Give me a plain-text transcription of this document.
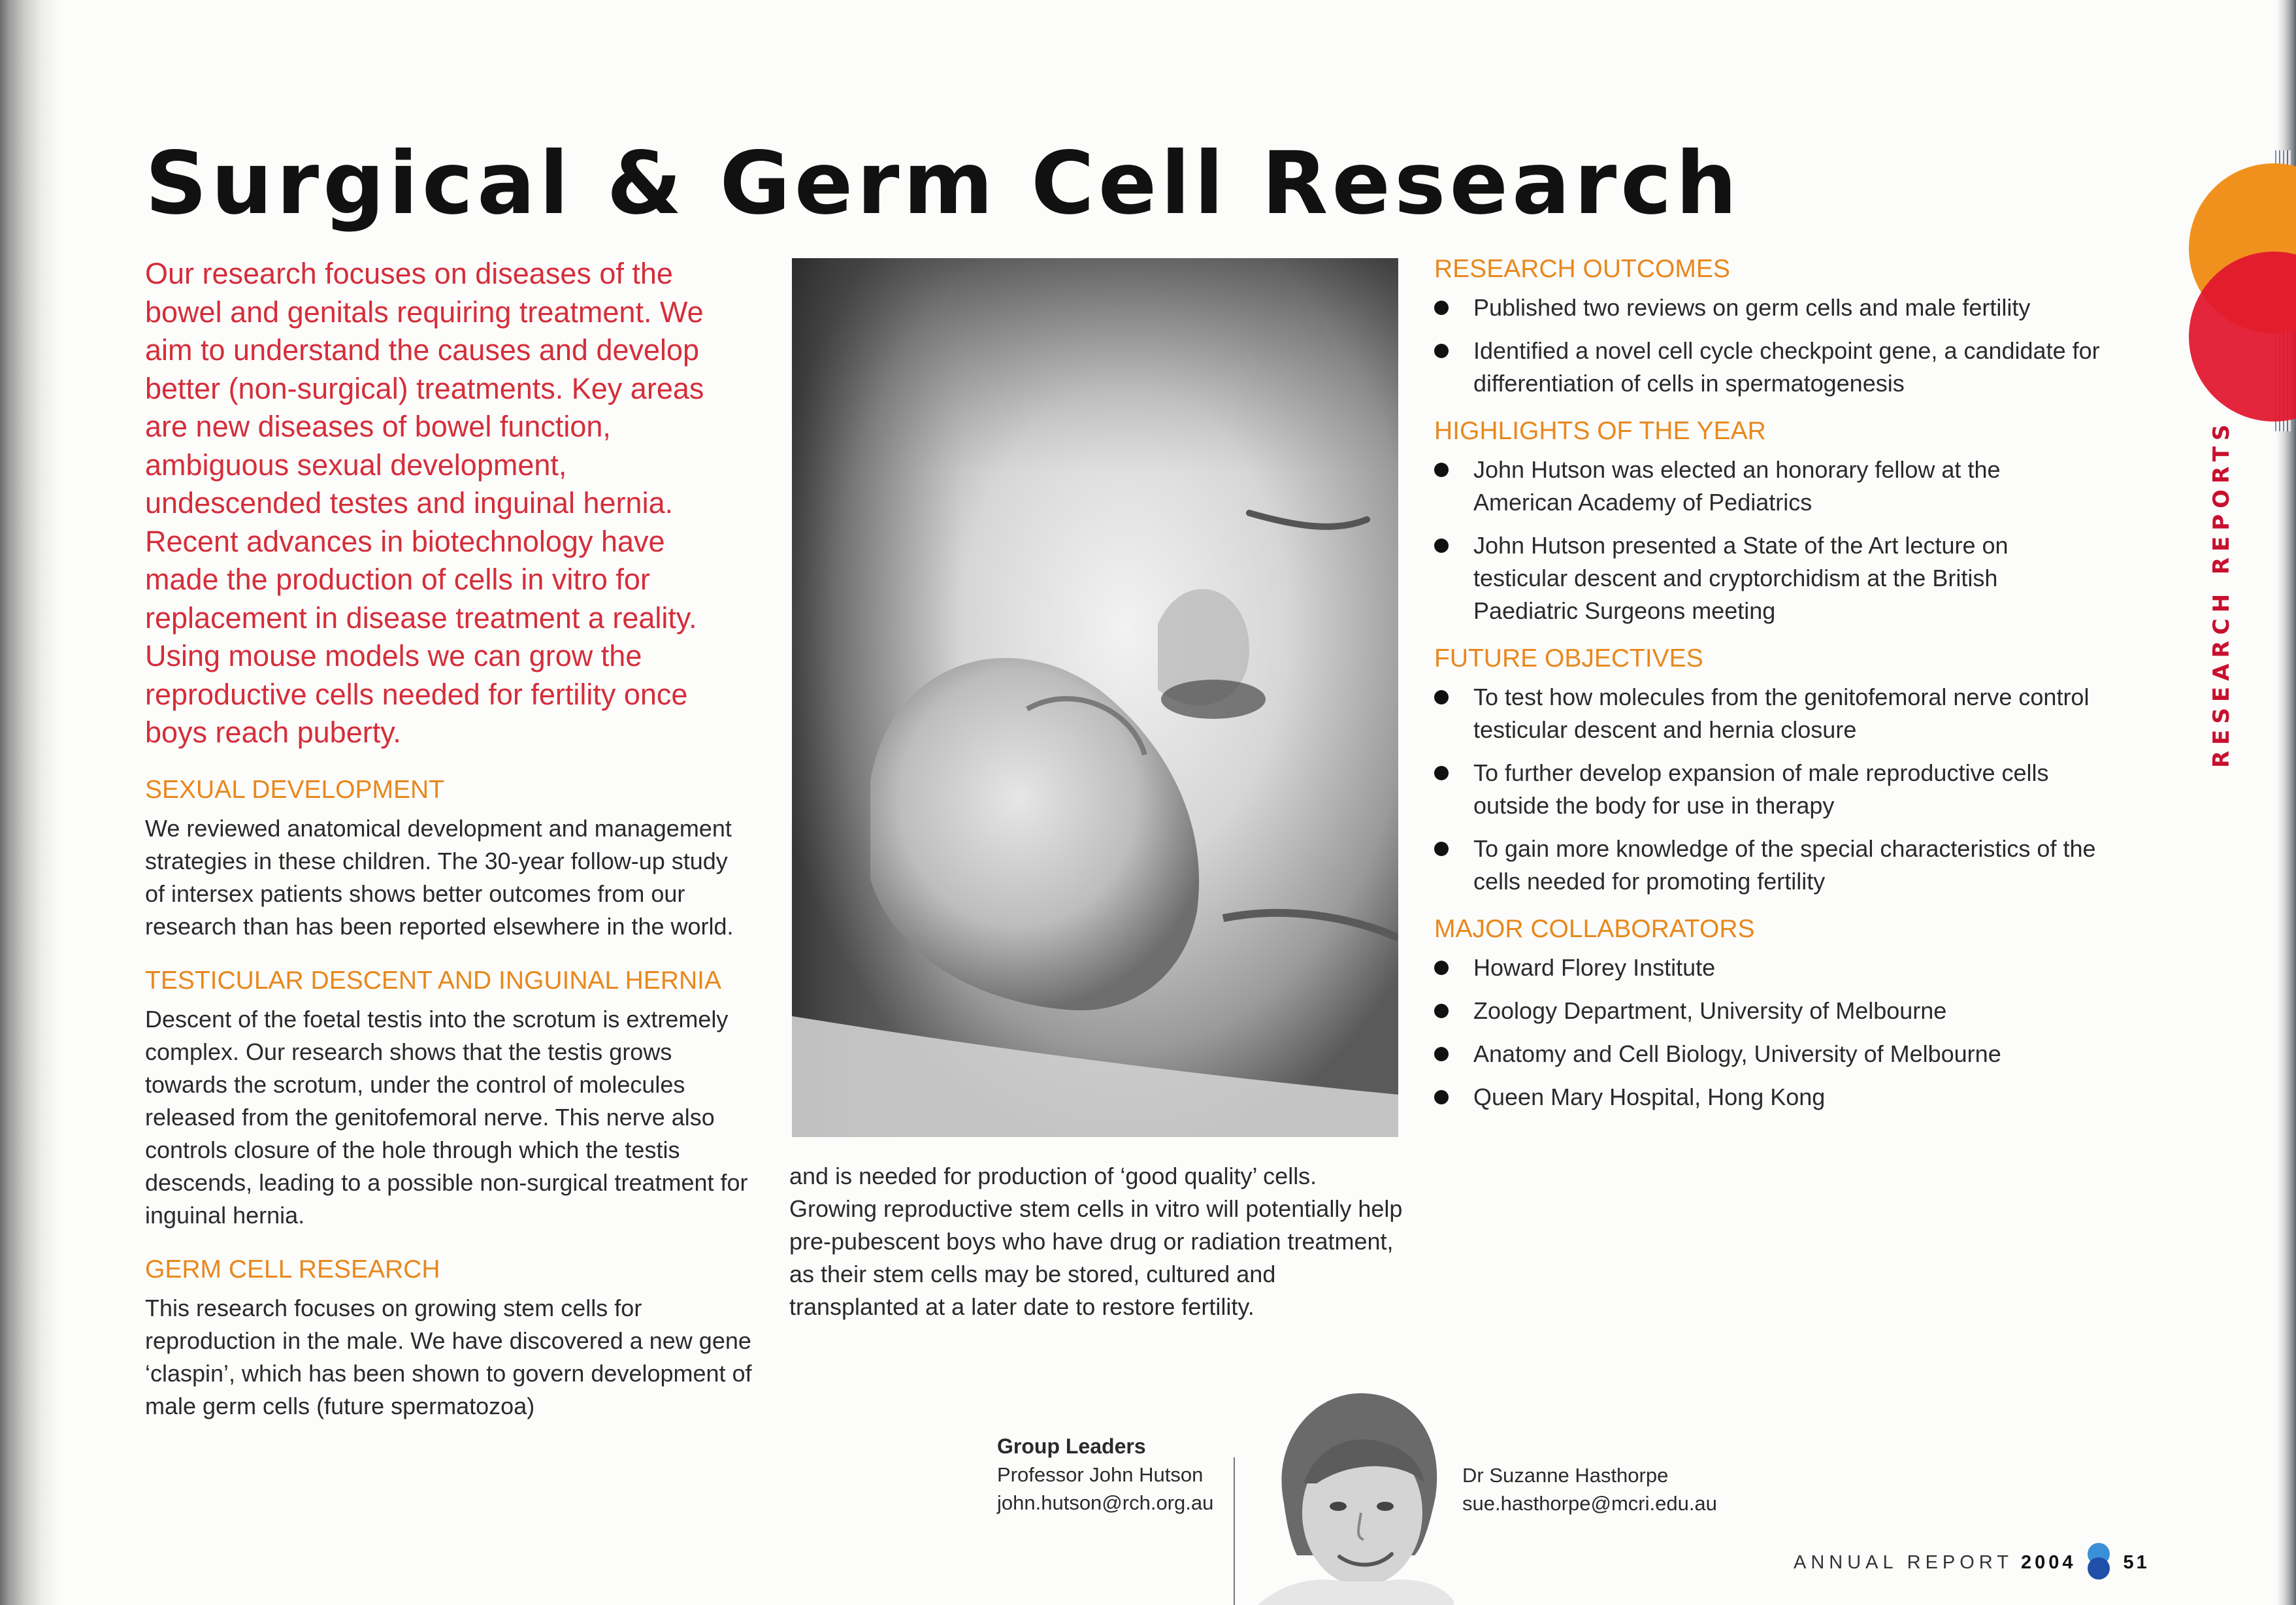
RESEARCH REPORTS
Surgical & Germ Cell Research

Our research focuses on diseases of the bowel and genitals requiring treatment. We aim to understand the causes and develop better (non-surgical) treatments. Key areas are new diseases of bowel function, ambiguous sexual development, undescended testes and inguinal hernia. Recent advances in biotechnology have made the production of cells in vitro for replacement in disease treatment a reality. Using mouse models we can grow the reproductive cells needed for fertility once boys reach puberty.

SEXUAL DEVELOPMENT

We reviewed anatomical development and management strategies in these children. The 30-year follow-up study of intersex patients shows better outcomes from our research than has been reported elsewhere in the world.

TESTICULAR DESCENT AND INGUINAL HERNIA

Descent of the foetal testis into the scrotum is extremely complex. Our research shows that the testis grows towards the scrotum, under the control of molecules released from the genitofemoral nerve. This nerve also controls closure of the hole through which the testis descends, leading to a possible non-surgical treatment for inguinal hernia.

GERM CELL RESEARCH

This research focuses on growing stem cells for reproduction in the male. We have discovered a new gene ‘claspin’, which has been shown to govern development of male germ cells (future spermatozoa)

and is needed for production of ‘good quality’ cells. Growing reproductive stem cells in vitro will potentially help pre-pubescent boys who have drug or radiation treatment, as their stem cells may be stored, cultured and transplanted at a later date to restore fertility.

RESEARCH OUTCOMES
Published two reviews on germ cells and male fertility
Identified a novel cell cycle checkpoint gene, a candidate for differentiation of cells in spermatogenesis
HIGHLIGHTS OF THE YEAR
John Hutson was elected an honorary fellow at the American Academy of Pediatrics
John Hutson presented a State of the Art lecture on testicular descent and cryptorchidism at the British Paediatric Surgeons meeting
FUTURE OBJECTIVES
To test how molecules from the genitofemoral nerve control testicular descent and hernia closure
To further develop expansion of male reproductive cells outside the body for use in therapy
To gain more knowledge of the special characteristics of the cells needed for promoting fertility
MAJOR COLLABORATORS
Howard Florey Institute
Zoology Department, University of Melbourne
Anatomy and Cell Biology, University of Melbourne
Queen Mary Hospital, Hong Kong
Group Leaders
Professor John Hutson
john.hutson@rch.org.au
Dr Suzanne Hasthorpe
sue.hasthorpe@mcri.edu.au
ANNUAL REPORT 2004 51
